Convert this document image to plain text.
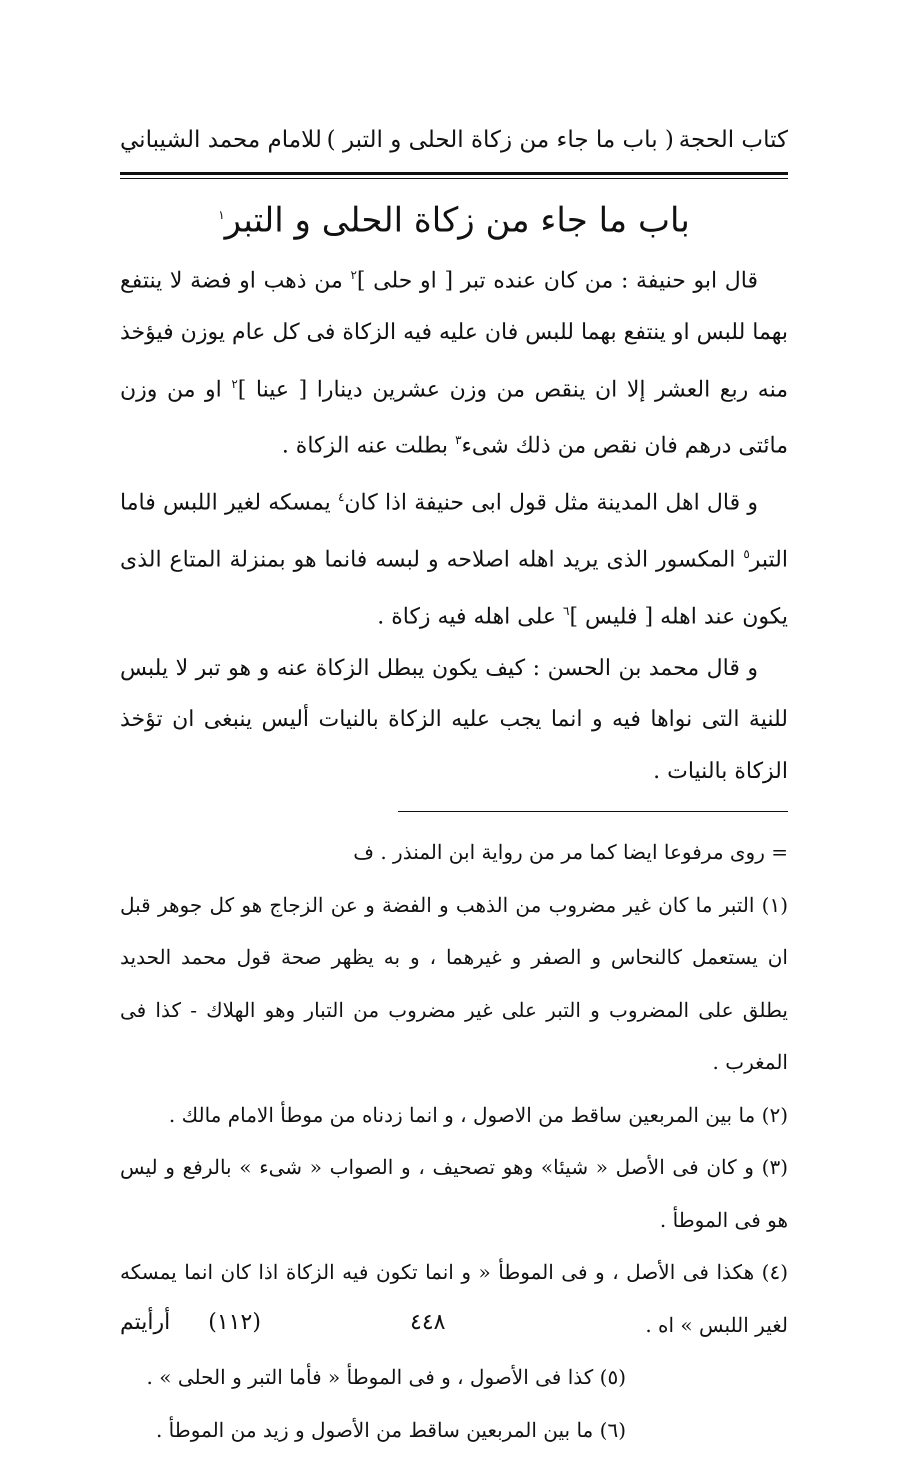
كتاب الحجة
( باب ما جاء من زكاة الحلى و التبر )
للامام محمد الشيباني
باب ما جاء من زكاة الحلى و التبر$^١$

قال ابو حنيفة : من كان عنده تبر [ او حلى ]$^٢$ من ذهب او فضة لا ينتفع بهما للبس او ينتفع بهما للبس فان عليه فيه الزكاة فى كل عام يوزن فيؤخذ منه ربع العشر إلا ان ينقص من وزن عشرين دينارا [ عينا ]$^٢$ او من وزن مائتى درهم فان نقص من ذلك شىء$^٣$ بطلت عنه الزكاة .

و قال اهل المدينة مثل قول ابى حنيفة اذا كان$^٤$ يمسكه لغير اللبس فاما التبر$^٥$ المكسور الذى يريد اهله اصلاحه و لبسه فانما هو بمنزلة المتاع الذى يكون عند اهله [ فليس ]$^٦$ على اهله فيه زكاة .

و قال محمد بن الحسن : كيف يكون يبطل الزكاة عنه و هو تبر لا يلبس للنية التى نواها فيه و انما يجب عليه الزكاة بالنيات أليس ينبغى ان تؤخذ الزكاة بالنيات .

= روى مرفوعا ايضا كما مر من رواية ابن المنذر . ف

(١) التبر ما كان غير مضروب من الذهب و الفضة و عن الزجاج هو كل جوهر قبل ان يستعمل كالنحاس و الصفر و غيرهما ، و به يظهر صحة قول محمد الحديد يطلق على المضروب و التبر على غير مضروب من التبار وهو الهلاك - كذا فى المغرب .

(٢) ما بين المربعين ساقط من الاصول ، و انما زدناه من موطأ الامام مالك .

(٣) و كان فى الأصل « شيئا» وهو تصحيف ، و الصواب « شىء » بالرفع و ليس هو فى الموطأ .

(٤) هكذا فى الأصل ، و فى الموطأ « و انما تكون فيه الزكاة اذا كان انما يمسكه لغير اللبس » اه .

(٥) كذا فى الأصول ، و فى الموطأ « فأما التبر و الحلى » .

(٦) ما بين المربعين ساقط من الأصول و زيد من الموطأ .

٤٤٨
(١١٢)
أرأيتم
